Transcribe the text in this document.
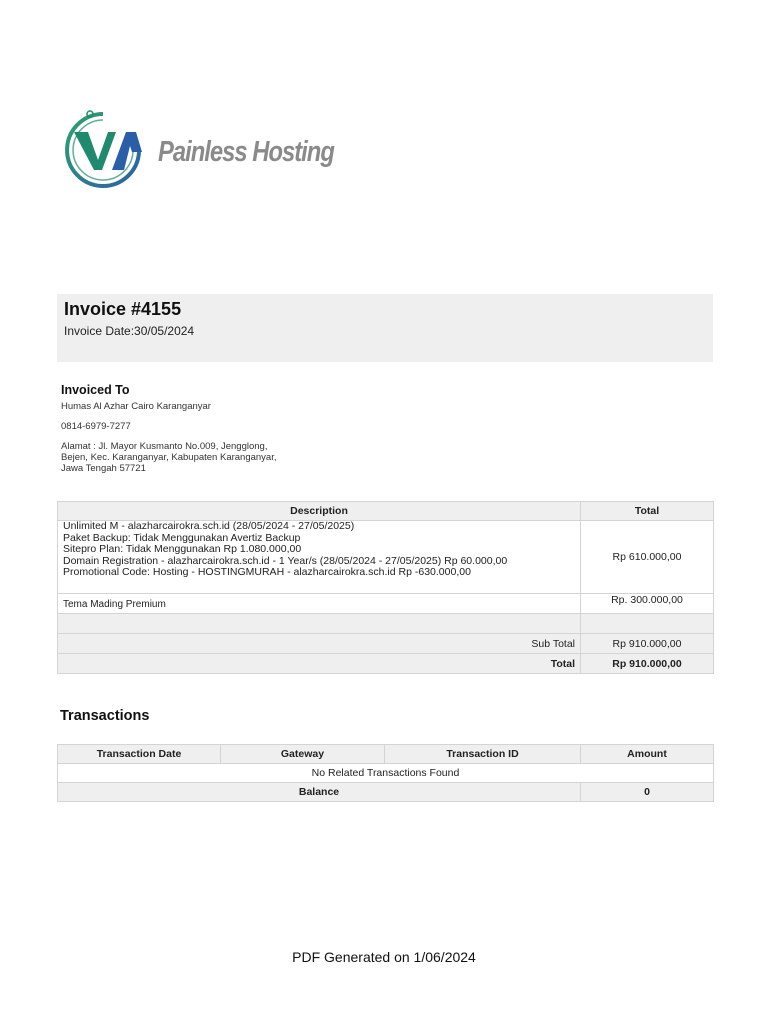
Painless Hosting
Invoice #4155
Invoice Date:30/05/2024
Invoiced To
Humas Al Azhar Cairo Karanganyar
0814-6979-7277
Alamat : Jl. Mayor Kusmanto No.009, Jengglong,
Bejen, Kec. Karanganyar, Kabupaten Karanganyar,
Jawa Tengah 57721
Description	Total

Unlimited M - alazharcairokra.sch.id (28/05/2024 - 27/05/2025)
Paket Backup: Tidak Menggunakan Avertiz Backup
Sitepro Plan: Tidak Menggunakan Rp 1.080.000,00
Domain Registration - alazharcairokra.sch.id - 1 Year/s (28/05/2024 - 27/05/2025) Rp 60.000,00
Promotional Code: Hosting - HOSTINGMURAH - alazharcairokra.sch.id Rp -630.000,00	Rp 610.000,00
Tema Mading Premium	Rp. 300.000,00

Sub Total	Rp 910.000,00
Total	Rp 910.000,00
Transactions
Transaction Date	Gateway	Transaction ID	Amount
No Related Transactions Found			
Balance			0
PDF Generated on 1/06/2024
